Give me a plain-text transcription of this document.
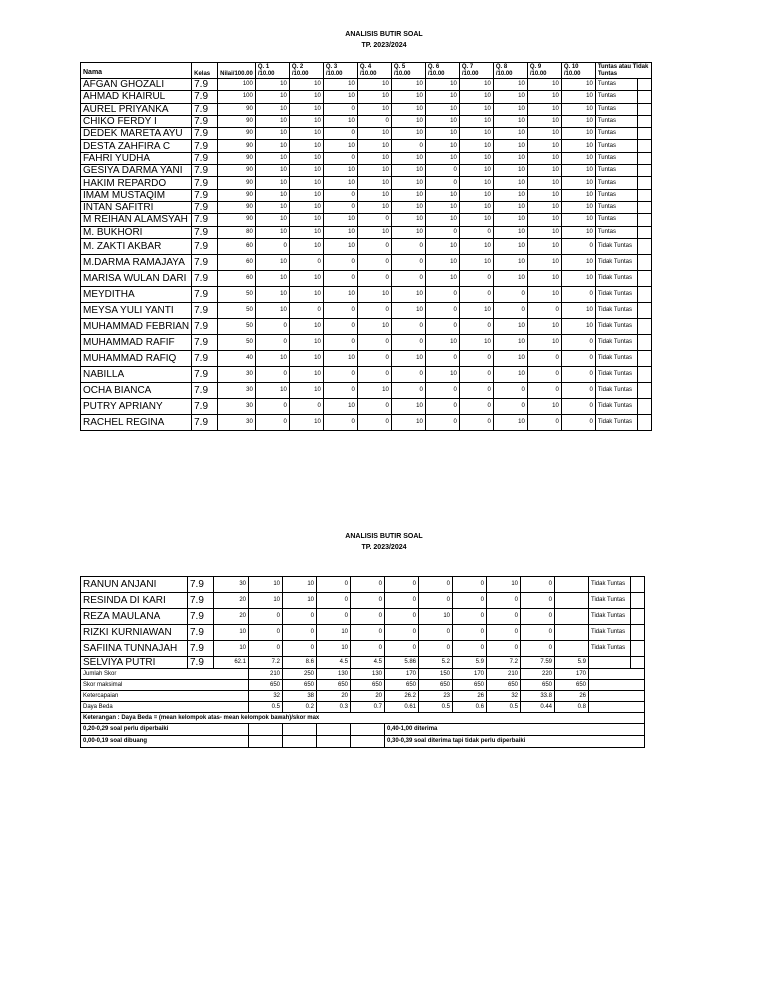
ANALISIS BUTIR SOAL
TP. 2023/2024
Nama	Kelas	Nilai/100.00	Q. 1 /10.00	Q. 2 /10.00	Q. 3 /10.00	Q. 4 /10.00	Q. 5 /10.00	Q. 6 /10.00	Q. 7 /10.00	Q. 8 /10.00	Q. 9 /10.00	Q. 10 /10.00	Tuntas atau Tidak Tuntas	
AFGAN GHOZALI	7.9	100	10	10	10	10	10	10	10	10	10	10	Tuntas	
AHMAD KHAIRUL	7.9	100	10	10	10	10	10	10	10	10	10	10	Tuntas	
AUREL PRIYANKA	7.9	90	10	10	0	10	10	10	10	10	10	10	Tuntas	
CHIKO FERDY I	7.9	90	10	10	10	0	10	10	10	10	10	10	Tuntas	
DEDEK MARETA AYU	7.9	90	10	10	0	10	10	10	10	10	10	10	Tuntas	
DESTA ZAHFIRA C	7.9	90	10	10	10	10	0	10	10	10	10	10	Tuntas	
FAHRI YUDHA	7.9	90	10	10	0	10	10	10	10	10	10	10	Tuntas	
GESIYA DARMA YANI	7.9	90	10	10	10	10	10	0	10	10	10	10	Tuntas	
HAKIM REPARDO	7.9	90	10	10	10	10	10	0	10	10	10	10	Tuntas	
IMAM MUSTAQIM	7.9	90	10	10	0	10	10	10	10	10	10	10	Tuntas	
INTAN SAFITRI	7.9	90	10	10	0	10	10	10	10	10	10	10	Tuntas	
M REIHAN ALAMSYAH	7.9	90	10	10	10	0	10	10	10	10	10	10	Tuntas	
M. BUKHORI	7.9	80	10	10	10	10	10	0	0	10	10	10	Tuntas	
M. ZAKTI AKBAR	7.9	60	0	10	10	0	0	10	10	10	10	0	Tidak Tuntas	
M.DARMA RAMAJAYA	7.9	60	10	0	0	0	0	10	10	10	10	10	Tidak Tuntas	
MARISA WULAN DARI	7.9	60	10	10	0	0	0	10	0	10	10	10	Tidak Tuntas	
MEYDITHA	7.9	50	10	10	10	10	10	0	0	0	10	0	Tidak Tuntas	
MEYSA YULI YANTI	7.9	50	10	0	0	0	10	0	10	0	0	10	Tidak Tuntas	
MUHAMMAD FEBRIAN	7.9	50	0	10	0	10	0	0	0	10	10	10	Tidak Tuntas	
MUHAMMAD RAFIF	7.9	50	0	10	0	0	0	10	10	10	10	0	Tidak Tuntas	
MUHAMMAD RAFIQ	7.9	40	10	10	10	0	10	0	0	10	0	0	Tidak Tuntas	
NABILLA	7.9	30	0	10	0	0	0	10	0	10	0	0	Tidak Tuntas	
OCHA BIANCA	7.9	30	10	10	0	10	0	0	0	0	0	0	Tidak Tuntas	
PUTRY APRIANY	7.9	30	0	0	10	0	10	0	0	0	10	0	Tidak Tuntas	
RACHEL REGINA	7.9	30	0	10	0	0	10	0	0	10	0	0	Tidak Tuntas	
ANALISIS BUTIR SOAL
TP. 2023/2024
RANUN ANJANI	7.9	30	10	10	0	0	0	0	0	10	0		Tidak Tuntas	
RESINDA DI KARI	7.9	20	10	10	0	0	0	0	0	0	0		Tidak Tuntas	
REZA MAULANA	7.9	20	0	0	0	0	0	10	0	0	0		Tidak Tuntas	
RIZKI KURNIAWAN	7.9	10	0	0	10	0	0	0	0	0	0		Tidak Tuntas	
SAFIINA TUNNAJAH	7.9	10	0	0	10	0	0	0	0	0	0		Tidak Tuntas	
SELVIYA PUTRI	7.9	62.1	7.2	8.6	4.5	4.5	5.86	5.2	5.9	7.2	7.59	5.9		
Jumlah Skor			210	250	130	130	170	150	170	210	220	170		
Skor maksimal			650	650	650	650	650	650	650	650	650	650		
Ketercapaian			32	38	20	20	26.2	23	26	32	33.8	26		
Daya Beda			0.5	0.2	0.3	0.7	0.61	0.5	0.6	0.5	0.44	0.8		
Keterangan : Daya Beda = (mean kelompok atas- mean kelompok bawah)/skor max														
0,20-0,29 soal perlu diperbaiki							0,40-1,00 diterima							
0,00-0,19 soal dibuang							0,30-0,39 soal diterima tapi tidak perlu diperbaiki							
